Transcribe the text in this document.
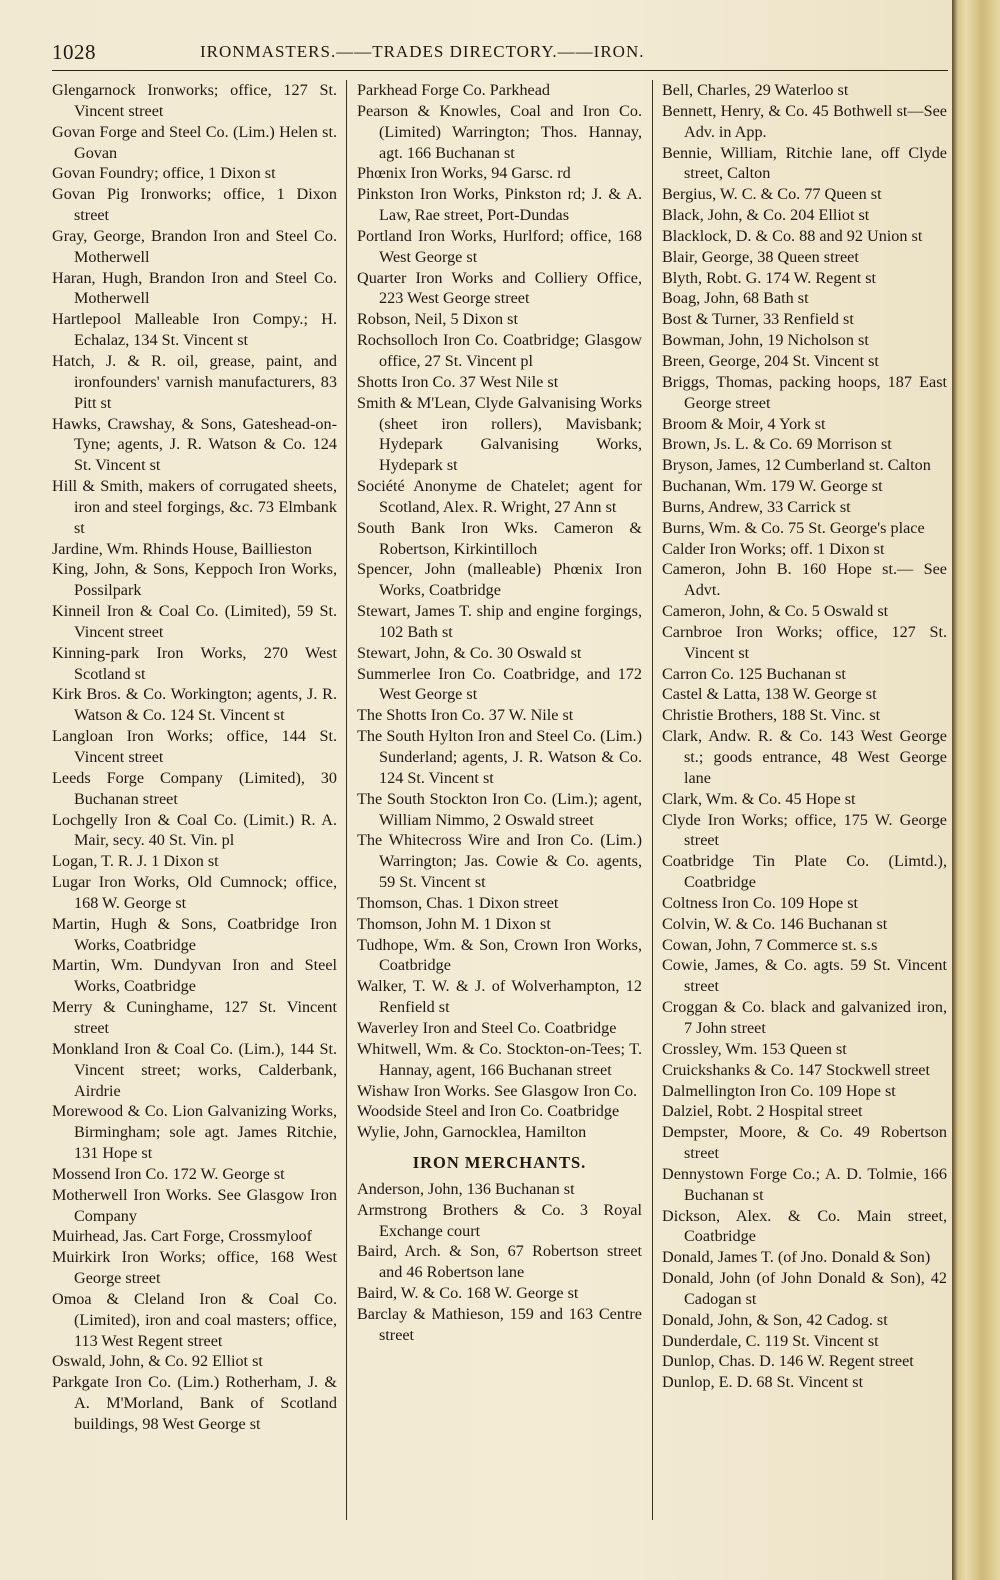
1028	IRONMASTERS.——TRADES DIRECTORY.——IRON.
Glengarnock Ironworks; office, 127 St. Vincent street
Govan Forge and Steel Co. (Lim.) Helen st. Govan
Govan Foundry; office, 1 Dixon st
Govan Pig Ironworks; office, 1 Dixon street
Gray, George, Brandon Iron and Steel Co. Motherwell
Haran, Hugh, Brandon Iron and Steel Co. Motherwell
Hartlepool Malleable Iron Compy.; H. Echalaz, 134 St. Vincent st
Hatch, J. & R. oil, grease, paint, and ironfounders' varnish manufacturers, 83 Pitt st
Hawks, Crawshay, & Sons, Gateshead-on-Tyne; agents, J. R. Watson & Co. 124 St. Vincent st
Hill & Smith, makers of corrugated sheets, iron and steel forgings, &c. 73 Elmbank st
Jardine, Wm. Rhinds House, Baillieston
King, John, & Sons, Keppoch Iron Works, Possilpark
Kinneil Iron & Coal Co. (Limited), 59 St. Vincent street
Kinning-park Iron Works, 270 West Scotland st
Kirk Bros. & Co. Workington; agents, J. R. Watson & Co. 124 St. Vincent st
Langloan Iron Works; office, 144 St. Vincent street
Leeds Forge Company (Limited), 30 Buchanan street
Lochgelly Iron & Coal Co. (Limit.) R. A. Mair, secy. 40 St. Vin. pl
Logan, T. R. J. 1 Dixon st
Lugar Iron Works, Old Cumnock; office, 168 W. George st
Martin, Hugh & Sons, Coatbridge Iron Works, Coatbridge
Martin, Wm. Dundyvan Iron and Steel Works, Coatbridge
Merry & Cuninghame, 127 St. Vincent street
Monkland Iron & Coal Co. (Lim.), 144 St. Vincent street; works, Calderbank, Airdrie
Morewood & Co. Lion Galvanizing Works, Birmingham; sole agt. James Ritchie, 131 Hope st
Mossend Iron Co. 172 W. George st
Motherwell Iron Works. See Glasgow Iron Company
Muirhead, Jas. Cart Forge, Crossmyloof
Muirkirk Iron Works; office, 168 West George street
Omoa & Cleland Iron & Coal Co. (Limited), iron and coal masters; office, 113 West Regent street
Oswald, John, & Co. 92 Elliot st
Parkgate Iron Co. (Lim.) Rotherham, J. & A. M'Morland, Bank of Scotland buildings, 98 West George st
Parkhead Forge Co. Parkhead
Pearson & Knowles, Coal and Iron Co. (Limited) Warrington; Thos. Hannay, agt. 166 Buchanan st
Phœnix Iron Works, 94 Garsc. rd
Pinkston Iron Works, Pinkston rd; J. & A. Law, Rae street, Port-Dundas
Portland Iron Works, Hurlford; office, 168 West George st
Quarter Iron Works and Colliery Office, 223 West George street
Robson, Neil, 5 Dixon st
Rochsolloch Iron Co. Coatbridge; Glasgow office, 27 St. Vincent pl
Shotts Iron Co. 37 West Nile st
Smith & M'Lean, Clyde Galvanising Works (sheet iron rollers), Mavisbank; Hydepark Galvanising Works, Hydepark st
Société Anonyme de Chatelet; agent for Scotland, Alex. R. Wright, 27 Ann st
South Bank Iron Wks. Cameron & Robertson, Kirkintilloch
Spencer, John (malleable) Phœnix Iron Works, Coatbridge
Stewart, James T. ship and engine forgings, 102 Bath st
Stewart, John, & Co. 30 Oswald st
Summerlee Iron Co. Coatbridge, and 172 West George st
The Shotts Iron Co. 37 W. Nile st
The South Hylton Iron and Steel Co. (Lim.) Sunderland; agents, J. R. Watson & Co. 124 St. Vincent st
The South Stockton Iron Co. (Lim.); agent, William Nimmo, 2 Oswald street
The Whitecross Wire and Iron Co. (Lim.) Warrington; Jas. Cowie & Co. agents, 59 St. Vincent st
Thomson, Chas. 1 Dixon street
Thomson, John M. 1 Dixon st
Tudhope, Wm. & Son, Crown Iron Works, Coatbridge
Walker, T. W. & J. of Wolverhampton, 12 Renfield st
Waverley Iron and Steel Co. Coatbridge
Whitwell, Wm. & Co. Stockton-on-Tees; T. Hannay, agent, 166 Buchanan street
Wishaw Iron Works. See Glasgow Iron Co.
Woodside Steel and Iron Co. Coatbridge
Wylie, John, Garnocklea, Hamilton
IRON MERCHANTS.
Anderson, John, 136 Buchanan st
Armstrong Brothers & Co. 3 Royal Exchange court
Baird, Arch. & Son, 67 Robertson street and 46 Robertson lane
Baird, W. & Co. 168 W. George st
Barclay & Mathieson, 159 and 163 Centre street
Bell, Charles, 29 Waterloo st
Bennett, Henry, & Co. 45 Bothwell st—See Adv. in App.
Bennie, William, Ritchie lane, off Clyde street, Calton
Bergius, W. C. & Co. 77 Queen st
Black, John, & Co. 204 Elliot st
Blacklock, D. & Co. 88 and 92 Union st
Blair, George, 38 Queen street
Blyth, Robt. G. 174 W. Regent st
Boag, John, 68 Bath st
Bost & Turner, 33 Renfield st
Bowman, John, 19 Nicholson st
Breen, George, 204 St. Vincent st
Briggs, Thomas, packing hoops, 187 East George street
Broom & Moir, 4 York st
Brown, Js. L. & Co. 69 Morrison st
Bryson, James, 12 Cumberland st. Calton
Buchanan, Wm. 179 W. George st
Burns, Andrew, 33 Carrick st
Burns, Wm. & Co. 75 St. George's place
Calder Iron Works; off. 1 Dixon st
Cameron, John B. 160 Hope st.— See Advt.
Cameron, John, & Co. 5 Oswald st
Carnbroe Iron Works; office, 127 St. Vincent st
Carron Co. 125 Buchanan st
Castel & Latta, 138 W. George st
Christie Brothers, 188 St. Vinc. st
Clark, Andw. R. & Co. 143 West George st.; goods entrance, 48 West George lane
Clark, Wm. & Co. 45 Hope st
Clyde Iron Works; office, 175 W. George street
Coatbridge Tin Plate Co. (Limtd.), Coatbridge
Coltness Iron Co. 109 Hope st
Colvin, W. & Co. 146 Buchanan st
Cowan, John, 7 Commerce st. s.s
Cowie, James, & Co. agts. 59 St. Vincent street
Croggan & Co. black and galvanized iron, 7 John street
Crossley, Wm. 153 Queen st
Cruickshanks & Co. 147 Stockwell street
Dalmellington Iron Co. 109 Hope st
Dalziel, Robt. 2 Hospital street
Dempster, Moore, & Co. 49 Robertson street
Dennystown Forge Co.; A. D. Tolmie, 166 Buchanan st
Dickson, Alex. & Co. Main street, Coatbridge
Donald, James T. (of Jno. Donald & Son)
Donald, John (of John Donald & Son), 42 Cadogan st
Donald, John, & Son, 42 Cadog. st
Dunderdale, C. 119 St. Vincent st
Dunlop, Chas. D. 146 W. Regent street
Dunlop, E. D. 68 St. Vincent st
